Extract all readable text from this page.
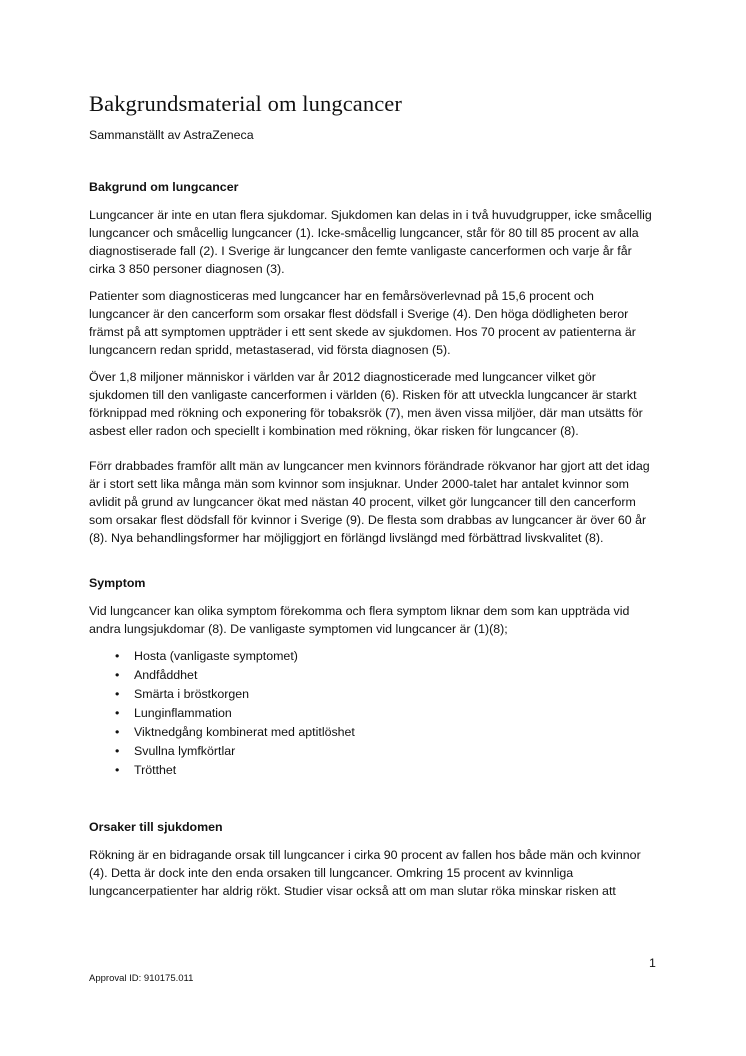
Bakgrundsmaterial om lungcancer
Sammanställt av AstraZeneca
Bakgrund om lungcancer

Lungcancer är inte en utan flera sjukdomar. Sjukdomen kan delas in i två huvudgrupper, icke småcellig lungcancer och småcellig lungcancer (1). Icke-småcellig lungcancer, står för 80 till 85 procent av alla diagnostiserade fall (2). I Sverige är lungcancer den femte vanligaste cancerformen och varje år får cirka 3 850 personer diagnosen (3).

Patienter som diagnosticeras med lungcancer har en femårsöverlevnad på 15,6 procent och lungcancer är den cancerform som orsakar flest dödsfall i Sverige (4). Den höga dödligheten beror främst på att symptomen uppträder i ett sent skede av sjukdomen. Hos 70 procent av patienterna är lungcancern redan spridd, metastaserad, vid första diagnosen (5).

Över 1,8 miljoner människor i världen var år 2012 diagnosticerade med lungcancer vilket gör sjukdomen till den vanligaste cancerformen i världen (6). Risken för att utveckla lungcancer är starkt förknippad med rökning och exponering för tobaksrök (7), men även vissa miljöer, där man utsätts för asbest eller radon och speciellt i kombination med rökning, ökar risken för lungcancer (8).

Förr drabbades framför allt män av lungcancer men kvinnors förändrade rökvanor har gjort att det idag är i stort sett lika många män som kvinnor som insjuknar. Under 2000-talet har antalet kvinnor som avlidit på grund av lungcancer ökat med nästan 40 procent, vilket gör lungcancer till den cancerform som orsakar flest dödsfall för kvinnor i Sverige (9). De flesta som drabbas av lungcancer är över 60 år (8). Nya behandlingsformer har möjliggjort en förlängd livslängd med förbättrad livskvalitet (8).

Symptom

Vid lungcancer kan olika symptom förekomma och flera symptom liknar dem som kan uppträda vid andra lungsjukdomar (8). De vanligaste symptomen vid lungcancer är (1)(8);

• Hosta (vanligaste symptomet)
• Andfåddhet
• Smärta i bröstkorgen
• Lunginflammation
• Viktnedgång kombinerat med aptitlöshet
• Svullna lymfkörtlar
• Trötthet
Orsaker till sjukdomen

Rökning är en bidragande orsak till lungcancer i cirka 90 procent av fallen hos både män och kvinnor (4). Detta är dock inte den enda orsaken till lungcancer. Omkring 15 procent av kvinnliga lungcancerpatienter har aldrig rökt. Studier visar också att om man slutar röka minskar risken att

1
Approval ID: 910175.011
